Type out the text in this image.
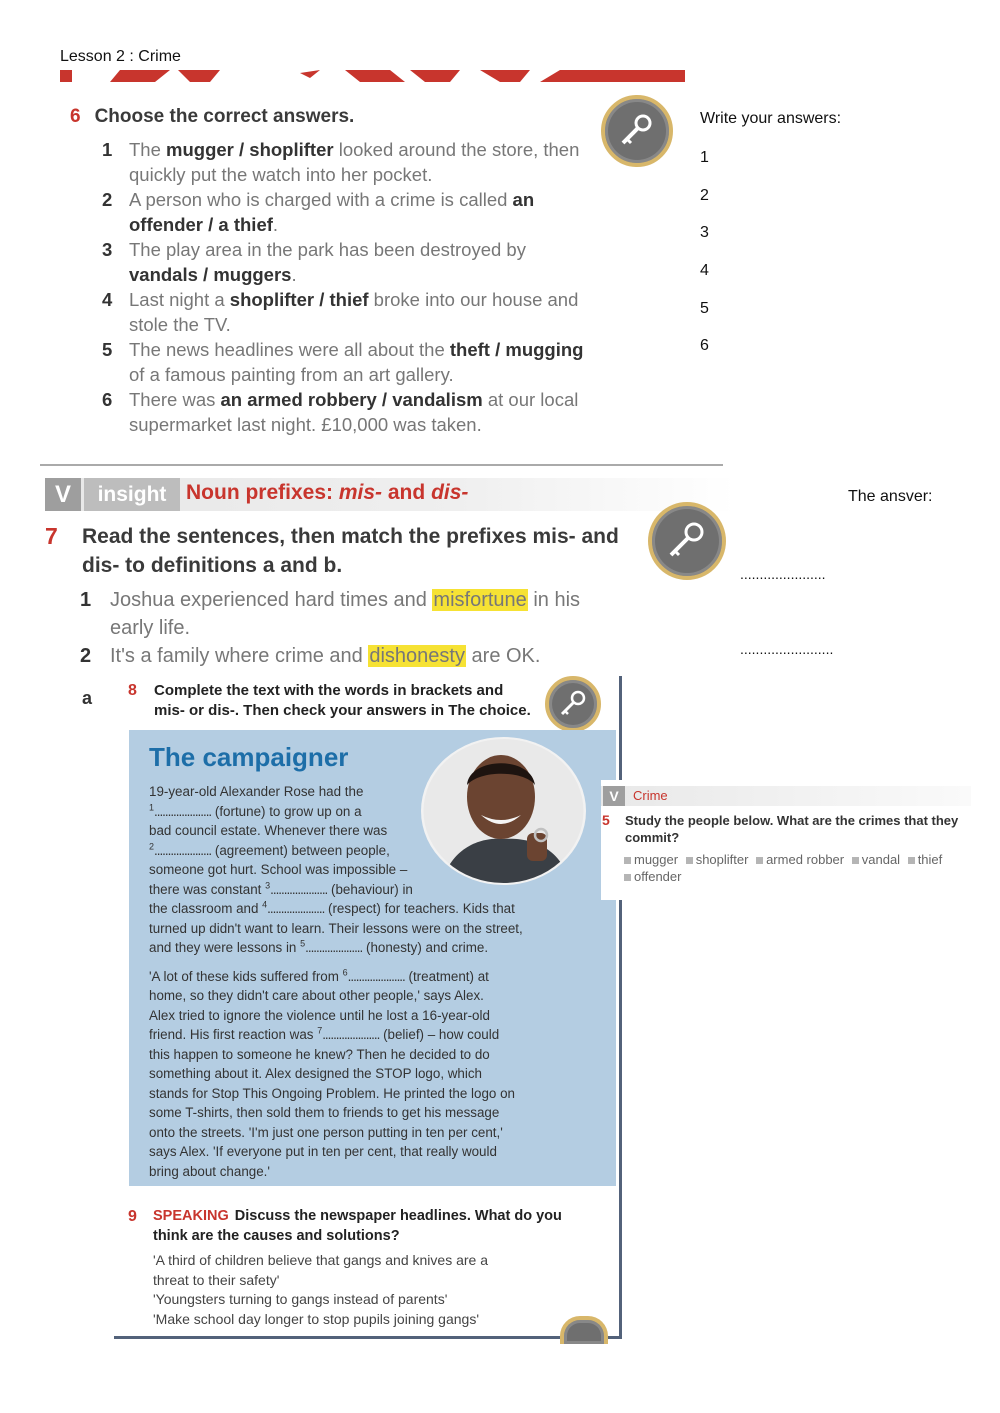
Lesson 2 : Crime
6 Choose the correct answers.
1 The mugger / shoplifter looked around the store, then quickly put the watch into her pocket.
2 A person who is charged with a crime is called an offender / a thief.
3 The play area in the park has been destroyed by vandals / muggers.
4 Last night a shoplifter / thief broke into our house and stole the TV.
5 The news headlines were all about the theft / mugging of a famous painting from an art gallery.
6 There was an armed robbery / vandalism at our local supermarket last night. £10,000 was taken.
Write your answers:
1
2
3
4
5
6
V	insight Noun prefixes: mis- and dis-	The ansver:
7 Read the sentences, then match the prefixes mis- and dis- to definitions a and b.
1 Joshua experienced hard times and misfortune in his
early life.
2 It's a family where crime and dishonesty are OK.
a
......................
........................
8 Complete the text with the words in brackets and mis- or dis-. Then check your answers in The choice.
The campaigner

19-year-old Alexander Rose had the
$^1$..................... (fortune) to grow up on a
bad council estate. Whenever there was
$^2$..................... (agreement) between people,
someone got hurt. School was impossible –
there was constant $^3$..................... (behaviour) in
the classroom and $^4$..................... (respect) for teachers. Kids that
turned up didn't want to learn. Their lessons were on the street,
and they were lessons in $^5$..................... (honesty) and crime.

'A lot of these kids suffered from $^6$..................... (treatment) at
home, so they didn't care about other people,' says Alex.
Alex tried to ignore the violence until he lost a 16-year-old
friend. His first reaction was $^7$..................... (belief) – how could
this happen to someone he knew? Then he decided to do
something about it. Alex designed the STOP logo, which
stands for Stop This Ongoing Problem. He printed the logo on
some T-shirts, then sold them to friends to get his message
onto the streets. 'I'm just one person putting in ten per cent,'
says Alex. 'If everyone put in ten per cent, that really would
bring about change.'

9 SPEAKING Discuss the newspaper headlines. What do you think are the causes and solutions?
'A third of children believe that gangs and knives are a
threat to their safety'
'Youngsters turning to gangs instead of parents'
'Make school day longer to stop pupils joining gangs'
V	Crime
5 Study the people below. What are the crimes that they commit?
mugger shoplifter armed robber vandal thief offender
